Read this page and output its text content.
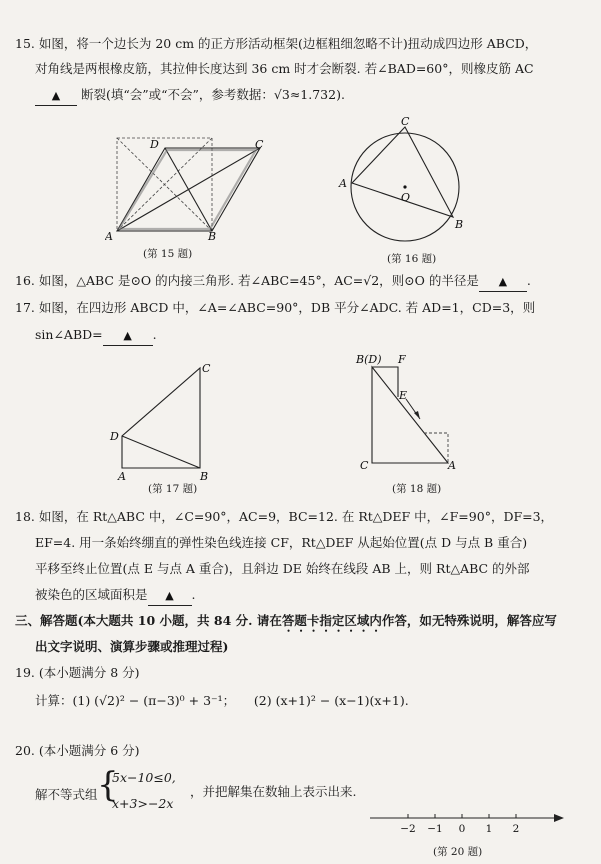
15. 如图，将一个边长为 20 cm 的正方形活动框架(边框粗细忽略不计)扭动成四边形 ABCD，
对角线是两根橡皮筋，其拉伸长度达到 36 cm 时才会断裂. 若∠BAD=60°，则橡皮筋 AC
▲ 断裂(填“会”或“不会”，参考数据：√3≈1.732).
A	B
C
D
(第 15 题)
A
B
C
O
(第 16 题)
16. 如图，△ABC 是⊙O 的内接三角形. 若∠ABC=45°，AC=√2，则⊙O 的半径是 ▲ .
17. 如图，在四边形 ABCD 中，∠A=∠ABC=90°，DB 平分∠ADC. 若 AD=1，CD=3，则
sin∠ABD= ▲ .
A	B
C
D
(第 17 题)
B(D) F
E
C	A
(第 18 题)
18. 如图，在 Rt△ABC 中，∠C=90°，AC=9，BC=12. 在 Rt△DEF 中，∠F=90°，DF=3，
EF=4. 用一条始终绷直的弹性染色线连接 CF，Rt△DEF 从起始位置(点 D 与点 B 重合)
平移至终止位置(点 E 与点 A 重合)，且斜边 DE 始终在线段 AB 上，则 Rt△ABC 的外部
被染色的区域面积是 ▲ .
三、解答题(本大题共 10 小题，共 84 分. 请在答题卡指定区域内作答，如无特殊说明，解答应写
出文字说明、演算步骤或推理过程)
19. (本小题满分 8 分)
计算：(1) (√2)² − (π−3)⁰ + 3⁻¹；　　(2) (x+1)² − (x−1)(x+1).
20. (本小题满分 6 分)
解不等式组 {
5x−10≤0,
x+3>−2x
，并把解集在数轴上表示出来.
−2 −1 0 1 2
(第 20 题)
